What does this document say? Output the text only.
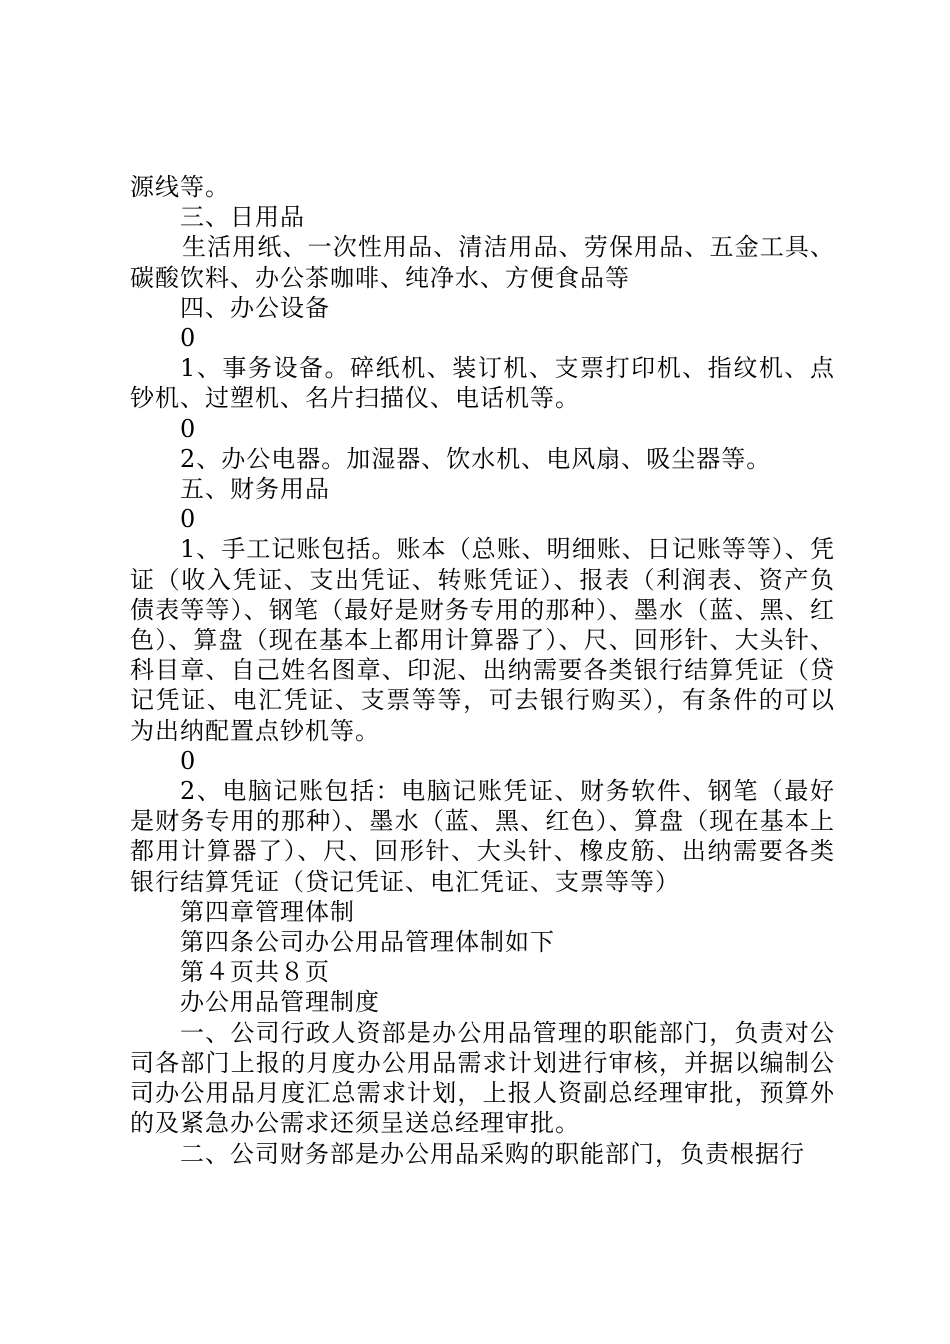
源线等。

三、日用品

生活用纸、一次性用品、清洁用品、劳保用品、五金工具、碳酸饮料、办公茶咖啡、纯净水、方便食品等

四、办公设备

0

1、事务设备。碎纸机、装订机、支票打印机、指纹机、点钞机、过塑机、名片扫描仪、电话机等。

0

2、办公电器。加湿器、饮水机、电风扇、吸尘器等。

五、财务用品

0

1、手工记账包括。账本（总账、明细账、日记账等等）、凭证（收入凭证、支出凭证、转账凭证）、报表（利润表、资产负债表等等）、钢笔（最好是财务专用的那种）、墨水（蓝、黑、红色）、算盘（现在基本上都用计算器了）、尺、回形针、大头针、科目章、自己姓名图章、印泥、出纳需要各类银行结算凭证（贷记凭证、电汇凭证、支票等等，可去银行购买），有条件的可以为出纳配置点钞机等。

0

2、电脑记账包括：电脑记账凭证、财务软件、钢笔（最好是财务专用的那种）、墨水（蓝、黑、红色）、算盘（现在基本上都用计算器了）、尺、回形针、大头针、橡皮筋、出纳需要各类银行结算凭证（贷记凭证、电汇凭证、支票等等）

第四章管理体制

第四条公司办公用品管理体制如下

第４页共８页

办公用品管理制度

一、公司行政人资部是办公用品管理的职能部门，负责对公司各部门上报的月度办公用品需求计划进行审核，并据以编制公司办公用品月度汇总需求计划，上报人资副总经理审批，预算外的及紧急办公需求还须呈送总经理审批。

二、公司财务部是办公用品采购的职能部门，负责根据行
